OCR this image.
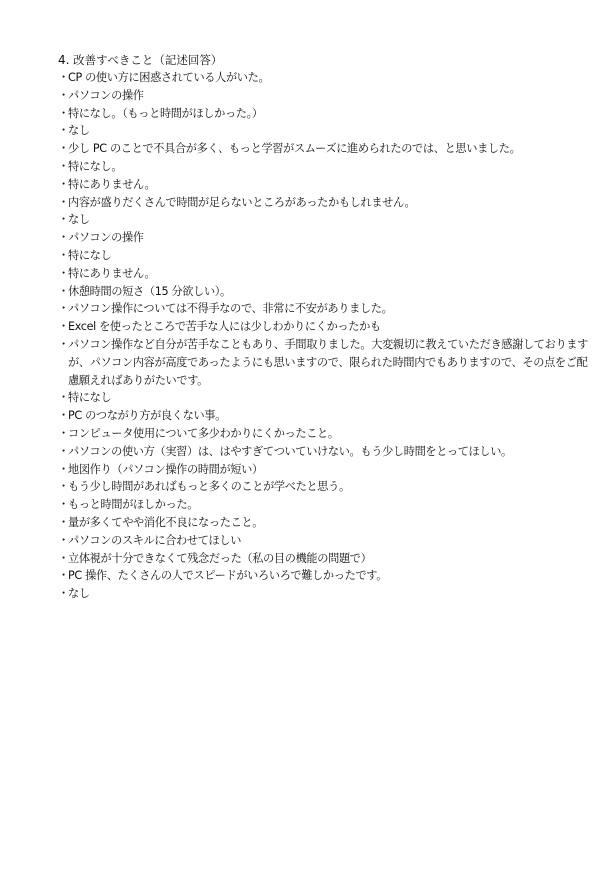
4. 改善すべきこと（記述回答）
・ CP の使い方に困惑されている人がいた。
・ パソコンの操作
・ 特になし。（もっと時間がほしかった。）
・ なし
・ 少し PC のことで不具合が多く、もっと学習がスムーズに進められたのでは、と思いました。
・ 特になし。
・ 特にありません。
・ 内容が盛りだくさんで時間が足らないところがあったかもしれません。
・ なし
・ パソコンの操作
・ 特になし
・ 特にありません。
・ 休憩時間の短さ（15 分欲しい）。
・ パソコン操作については不得手なので、非常に不安がありました。
・ Excel を使ったところで苦手な人には少しわかりにくかったかも
・ パソコン操作など自分が苦手なこともあり、手間取りました。大変親切に教えていただき感謝しておりますが、パソコン内容が高度であったようにも思いますので、限られた時間内でもありますので、その点をご配慮願えればありがたいです。
・ 特になし
・ PC のつながり方が良くない事。
・ コンピュータ使用について多少わかりにくかったこと。
・ パソコンの使い方（実習）は、はやすぎてついていけない。もう少し時間をとってほしい。
・ 地図作り（パソコン操作の時間が短い）
・ もう少し時間があればもっと多くのことが学べたと思う。
・ もっと時間がほしかった。
・ 量が多くてやや消化不良になったこと。
・ パソコンのスキルに合わせてほしい
・ 立体視が十分できなくて残念だった（私の目の機能の問題で）
・ PC 操作、たくさんの人でスピードがいろいろで難しかったです。
・ なし
